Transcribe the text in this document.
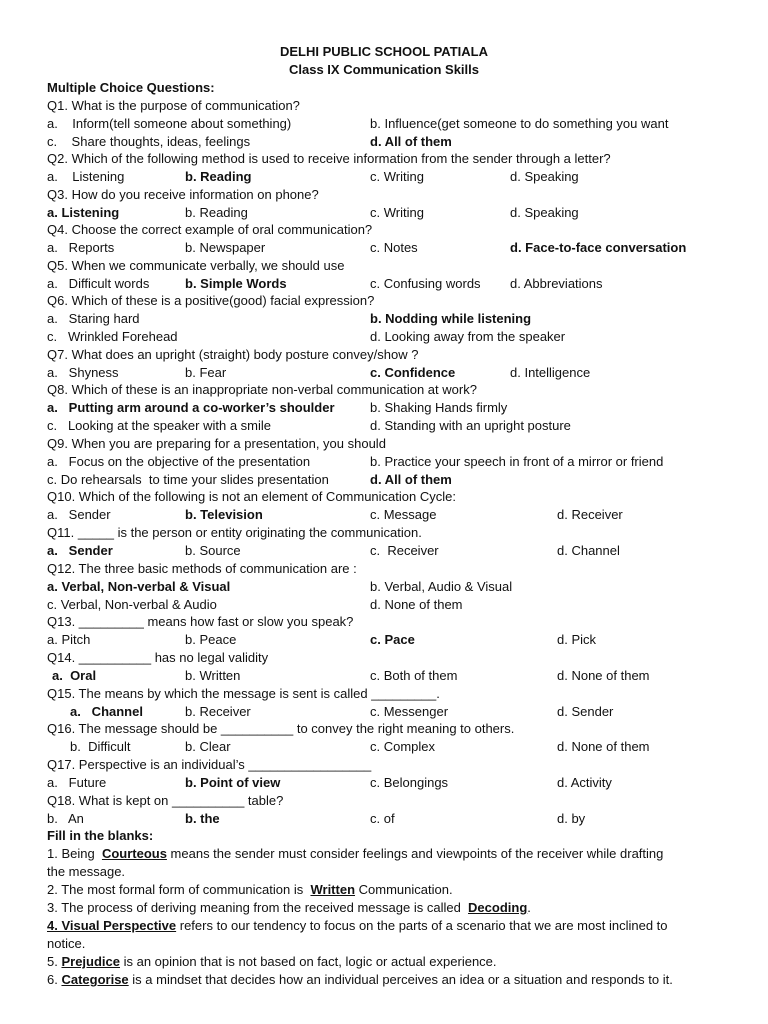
DELHI PUBLIC SCHOOL PATIALA
Class IX Communication Skills
Multiple Choice Questions:
Q1. What is the purpose of communication?
a.    Inform(tell someone about something)	b. Influence(get someone to do something you want
c.    Share thoughts, ideas, feelings	d. All of them
Q2. Which of the following method is used to receive information from the sender through a letter?
a.    Listening	b. Reading	c. Writing	d. Speaking
Q3. How do you receive information on phone?
a. Listening	b. Reading	c. Writing	d. Speaking
Q4. Choose the correct example of oral communication?
a.   Reports	b. Newspaper	c. Notes	d. Face-to-face conversation
Q5. When we communicate verbally, we should use
a.   Difficult words	b. Simple Words	c. Confusing words d. Abbreviations
Q6. Which of these is a positive(good) facial expression?
a.   Staring hard	b. Nodding while listening
c.   Wrinkled Forehead	d. Looking away from the speaker
Q7. What does an upright (straight) body posture convey/show ?
a.   Shyness	b. Fear	c. Confidence	d. Intelligence
Q8. Which of these is an inappropriate non-verbal communication at work?
a.   Putting arm around a co-worker’s shoulder	b. Shaking Hands firmly
c.   Looking at the speaker with a smile	d. Standing with an upright posture
Q9. When you are preparing for a presentation, you should
a.   Focus on the objective of the presentation	b. Practice your speech in front of a mirror or friend
c. Do rehearsals  to time your slides presentation	d. All of them
Q10. Which of the following is not an element of Communication Cycle:
a.   Sender	b. Television	c. Message	d. Receiver
Q11. _____ is the person or entity originating the communication.
a.   Sender	b. Source	c.  Receiver	d. Channel
Q12. The three basic methods of communication are :
a. Verbal, Non-verbal & Visual	b. Verbal, Audio & Visual
c. Verbal, Non-verbal & Audio	d. None of them
Q13. _________ means how fast or slow you speak?
a. Pitch	b. Peace	c. Pace	d. Pick
Q14. __________ has no legal validity
a.  Oral	b. Written	c. Both of them	d. None of them
Q15. The means by which the message is sent is called _________.
a.   Channel	b. Receiver	c. Messenger	d. Sender
Q16. The message should be __________ to convey the right meaning to others.
b.  Difficult	b. Clear	c. Complex	d. None of them
Q17. Perspective is an individual’s _________________
a.   Future	b. Point of view	c. Belongings	d. Activity
Q18. What is kept on __________ table?
b.   An	b. the	c. of	d. by
Fill in the blanks:
1. Being  Courteous means the sender must consider feelings and viewpoints of the receiver while drafting
the message.
2. The most formal form of communication is  Written Communication.
3. The process of deriving meaning from the received message is called  Decoding.
4. Visual Perspective refers to our tendency to focus on the parts of a scenario that we are most inclined to
notice.
5. Prejudice is an opinion that is not based on fact, logic or actual experience.
6. Categorise is a mindset that decides how an individual perceives an idea or a situation and responds to it.
